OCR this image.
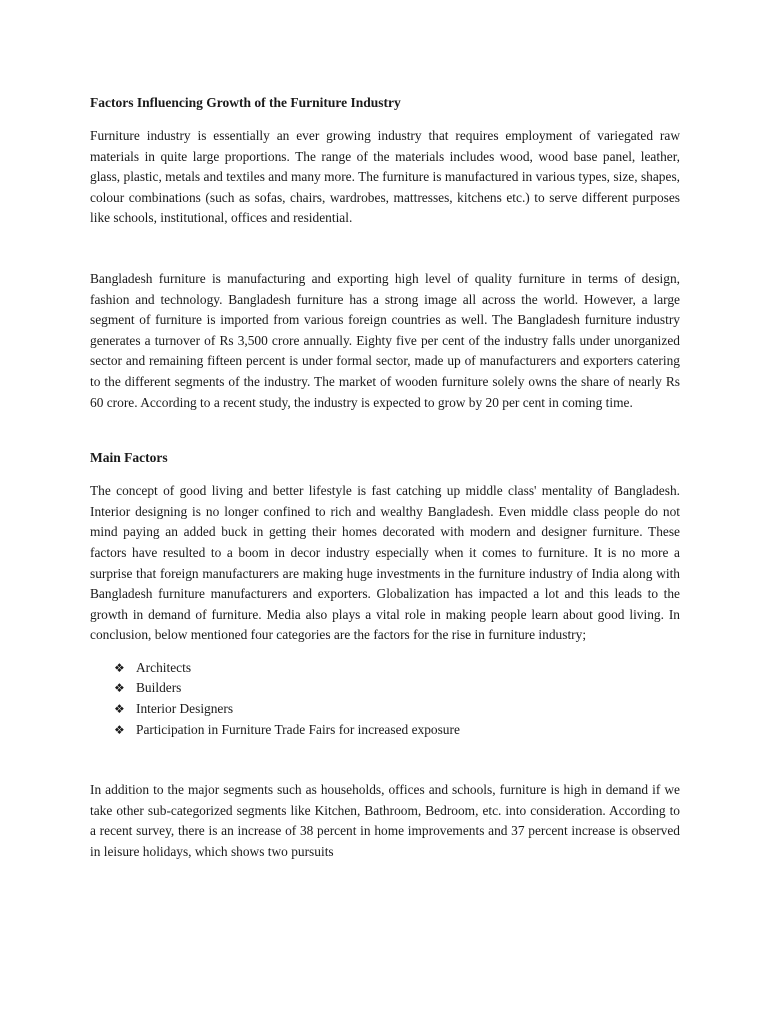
Factors Influencing Growth of the Furniture Industry

Furniture industry is essentially an ever growing industry that requires employment of variegated raw materials in quite large proportions. The range of the materials includes wood, wood base panel, leather, glass, plastic, metals and textiles and many more. The furniture is manufactured in various types, size, shapes, colour combinations (such as sofas, chairs, wardrobes, mattresses, kitchens etc.) to serve different purposes like schools, institutional, offices and residential.

Bangladesh furniture is manufacturing and exporting high level of quality furniture in terms of design, fashion and technology. Bangladesh furniture has a strong image all across the world. However, a large segment of furniture is imported from various foreign countries as well. The Bangladesh furniture industry generates a turnover of Rs 3,500 crore annually. Eighty five per cent of the industry falls under unorganized sector and remaining fifteen percent is under formal sector, made up of manufacturers and exporters catering to the different segments of the industry. The market of wooden furniture solely owns the share of nearly Rs 60 crore. According to a recent study, the industry is expected to grow by 20 per cent in coming time.

Main Factors

The concept of good living and better lifestyle is fast catching up middle class' mentality of Bangladesh. Interior designing is no longer confined to rich and wealthy Bangladesh. Even middle class people do not mind paying an added buck in getting their homes decorated with modern and designer furniture. These factors have resulted to a boom in decor industry especially when it comes to furniture. It is no more a surprise that foreign manufacturers are making huge investments in the furniture industry of India along with Bangladesh furniture manufacturers and exporters. Globalization has impacted a lot and this leads to the growth in demand of furniture. Media also plays a vital role in making people learn about good living. In conclusion, below mentioned four categories are the factors for the rise in furniture industry;

❖ Architects
❖ Builders
❖ Interior Designers
❖ Participation in Furniture Trade Fairs for increased exposure

In addition to the major segments such as households, offices and schools, furniture is high in demand if we take other sub-categorized segments like Kitchen, Bathroom, Bedroom, etc. into consideration. According to a recent survey, there is an increase of 38 percent in home improvements and 37 percent increase is observed in leisure holidays, which shows two pursuits
